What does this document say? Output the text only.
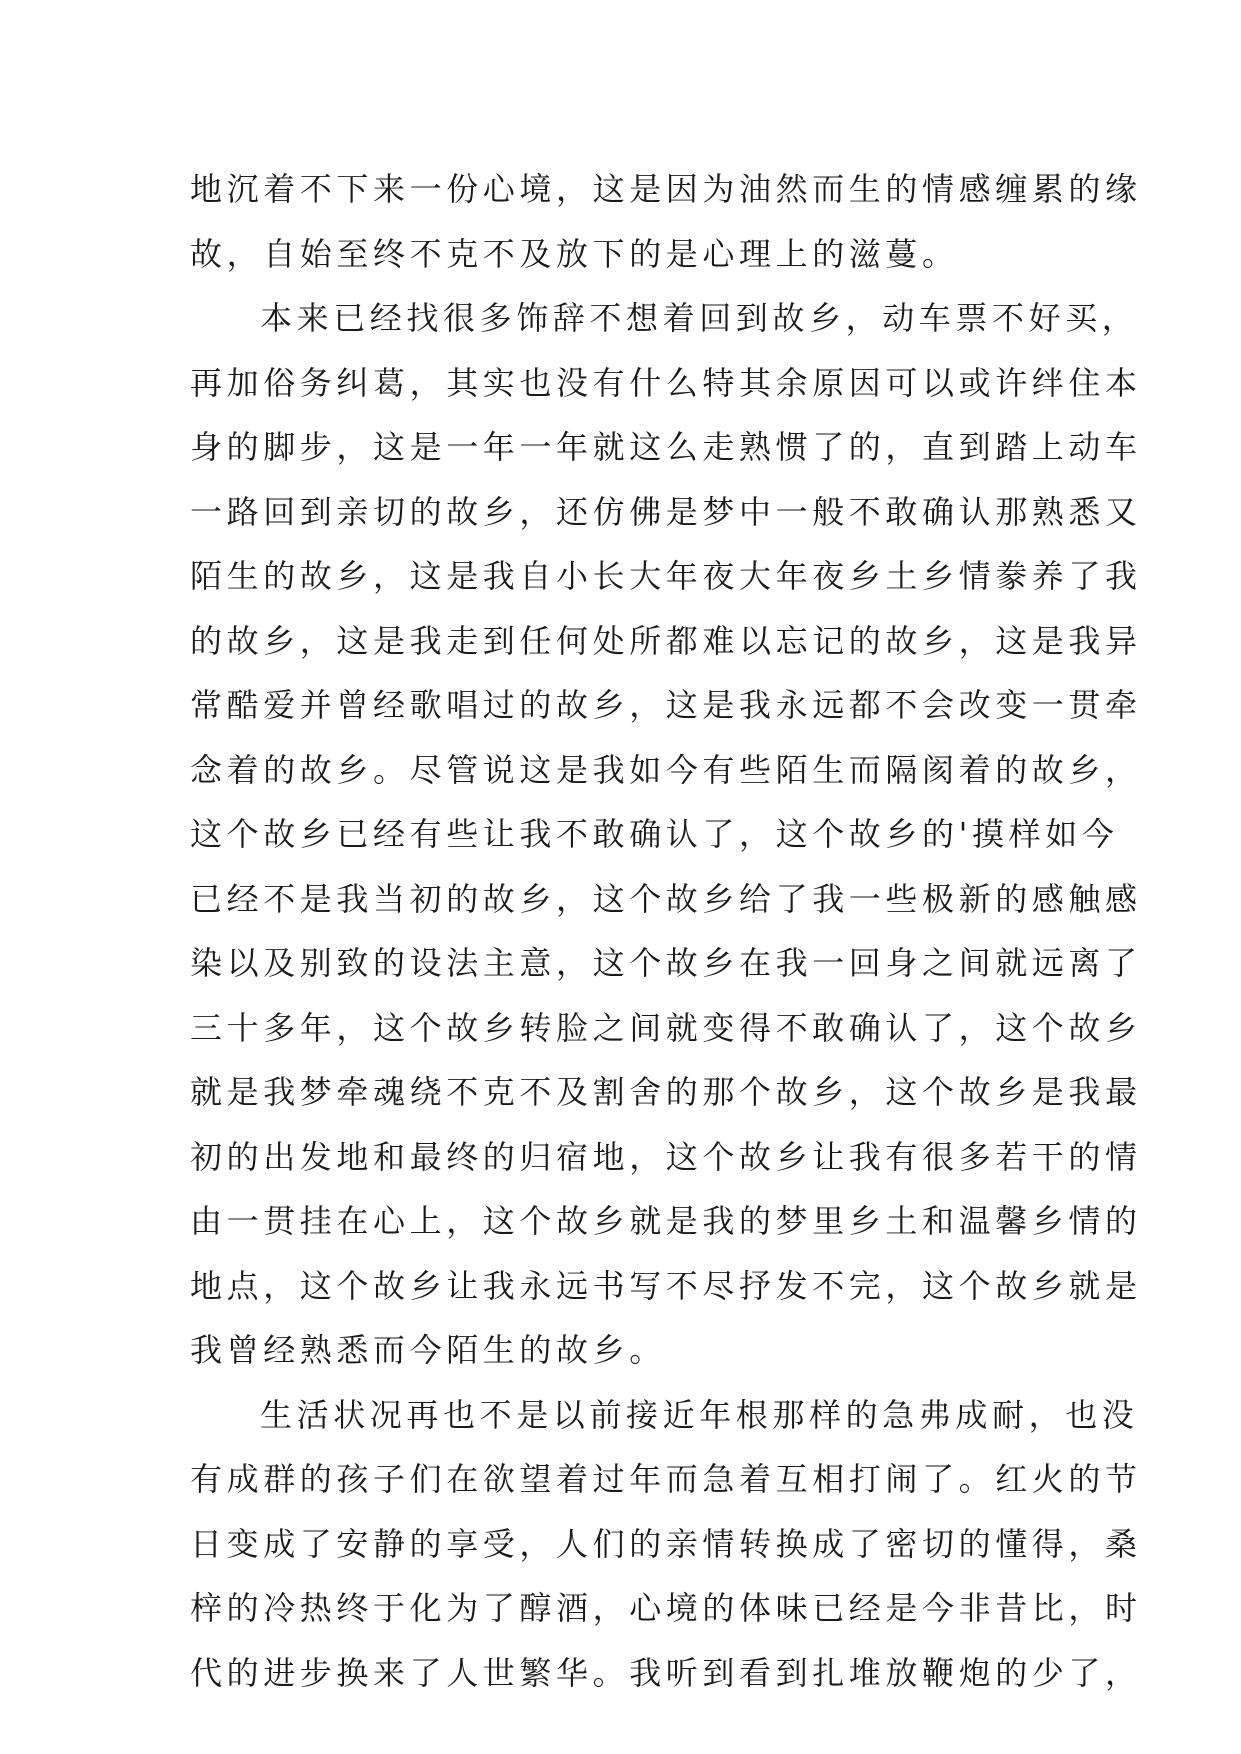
地沉着不下来一份心境，这是因为油然而生的情感缠累的缘
故，自始至终不克不及放下的是心理上的滋蔓。
本来已经找很多饰辞不想着回到故乡，动车票不好买，
再加俗务纠葛，其实也没有什么特其余原因可以或许绊住本
身的脚步，这是一年一年就这么走熟惯了的，直到踏上动车
一路回到亲切的故乡，还仿佛是梦中一般不敢确认那熟悉又
陌生的故乡，这是我自小长大年夜大年夜乡土乡情豢养了我
的故乡，这是我走到任何处所都难以忘记的故乡，这是我异
常酷爱并曾经歌唱过的故乡，这是我永远都不会改变一贯牵
念着的故乡。尽管说这是我如今有些陌生而隔阂着的故乡，
这个故乡已经有些让我不敢确认了，这个故乡的'摸样如今
已经不是我当初的故乡，这个故乡给了我一些极新的感触感
染以及别致的设法主意，这个故乡在我一回身之间就远离了
三十多年，这个故乡转脸之间就变得不敢确认了，这个故乡
就是我梦牵魂绕不克不及割舍的那个故乡，这个故乡是我最
初的出发地和最终的归宿地，这个故乡让我有很多若干的情
由一贯挂在心上，这个故乡就是我的梦里乡土和温馨乡情的
地点，这个故乡让我永远书写不尽抒发不完，这个故乡就是
我曾经熟悉而今陌生的故乡。
生活状况再也不是以前接近年根那样的急弗成耐，也没
有成群的孩子们在欲望着过年而急着互相打闹了。红火的节
日变成了安静的享受，人们的亲情转换成了密切的懂得，桑
梓的冷热终于化为了醇酒，心境的体味已经是今非昔比，时
代的进步换来了人世繁华。我听到看到扎堆放鞭炮的少了，
